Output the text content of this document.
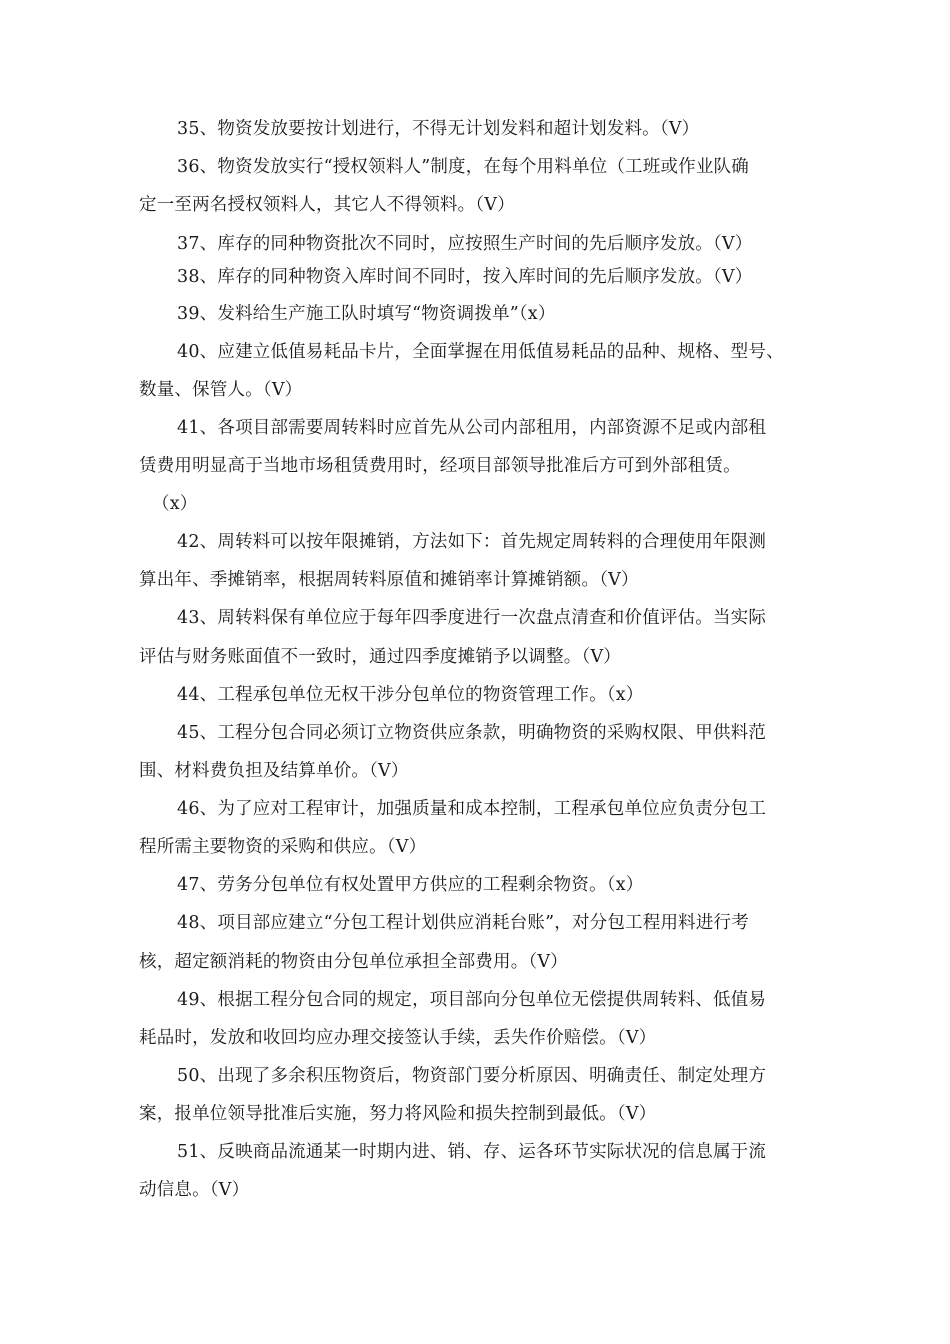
35、物资发放要按计划进行，不得无计划发料和超计划发料。（V）
36、物资发放实行“授权领料人”制度，在每个用料单位（工班或作业队确
定一至两名授权领料人，其它人不得领料。（V）
37、库存的同种物资批次不同时，应按照生产时间的先后顺序发放。（V）
38、库存的同种物资入库时间不同时，按入库时间的先后顺序发放。（V）
39、发料给生产施工队时填写“物资调拨单”（x）
40、应建立低值易耗品卡片，全面掌握在用低值易耗品的品种、规格、型号、
数量、保管人。（V）
41、各项目部需要周转料时应首先从公司内部租用，内部资源不足或内部租
赁费用明显高于当地市场租赁费用时，经项目部领导批准后方可到外部租赁。
（x）
42、周转料可以按年限摊销，方法如下：首先规定周转料的合理使用年限测
算出年、季摊销率，根据周转料原值和摊销率计算摊销额。（V）
43、周转料保有单位应于每年四季度进行一次盘点清查和价值评估。当实际
评估与财务账面值不一致时，通过四季度摊销予以调整。（V）
44、工程承包单位无权干涉分包单位的物资管理工作。（x）
45、工程分包合同必须订立物资供应条款，明确物资的采购权限、甲供料范
围、材料费负担及结算单价。（V）
46、为了应对工程审计，加强质量和成本控制，工程承包单位应负责分包工
程所需主要物资的采购和供应。（V）
47、劳务分包单位有权处置甲方供应的工程剩余物资。（x）
48、项目部应建立“分包工程计划供应消耗台账”，对分包工程用料进行考
核，超定额消耗的物资由分包单位承担全部费用。（V）
49、根据工程分包合同的规定，项目部向分包单位无偿提供周转料、低值易
耗品时，发放和收回均应办理交接签认手续，丢失作价赔偿。（V）
50、出现了多余积压物资后，物资部门要分析原因、明确责任、制定处理方
案，报单位领导批准后实施，努力将风险和损失控制到最低。（V）
51、反映商品流通某一时期内进、销、存、运各环节实际状况的信息属于流
动信息。（V）
